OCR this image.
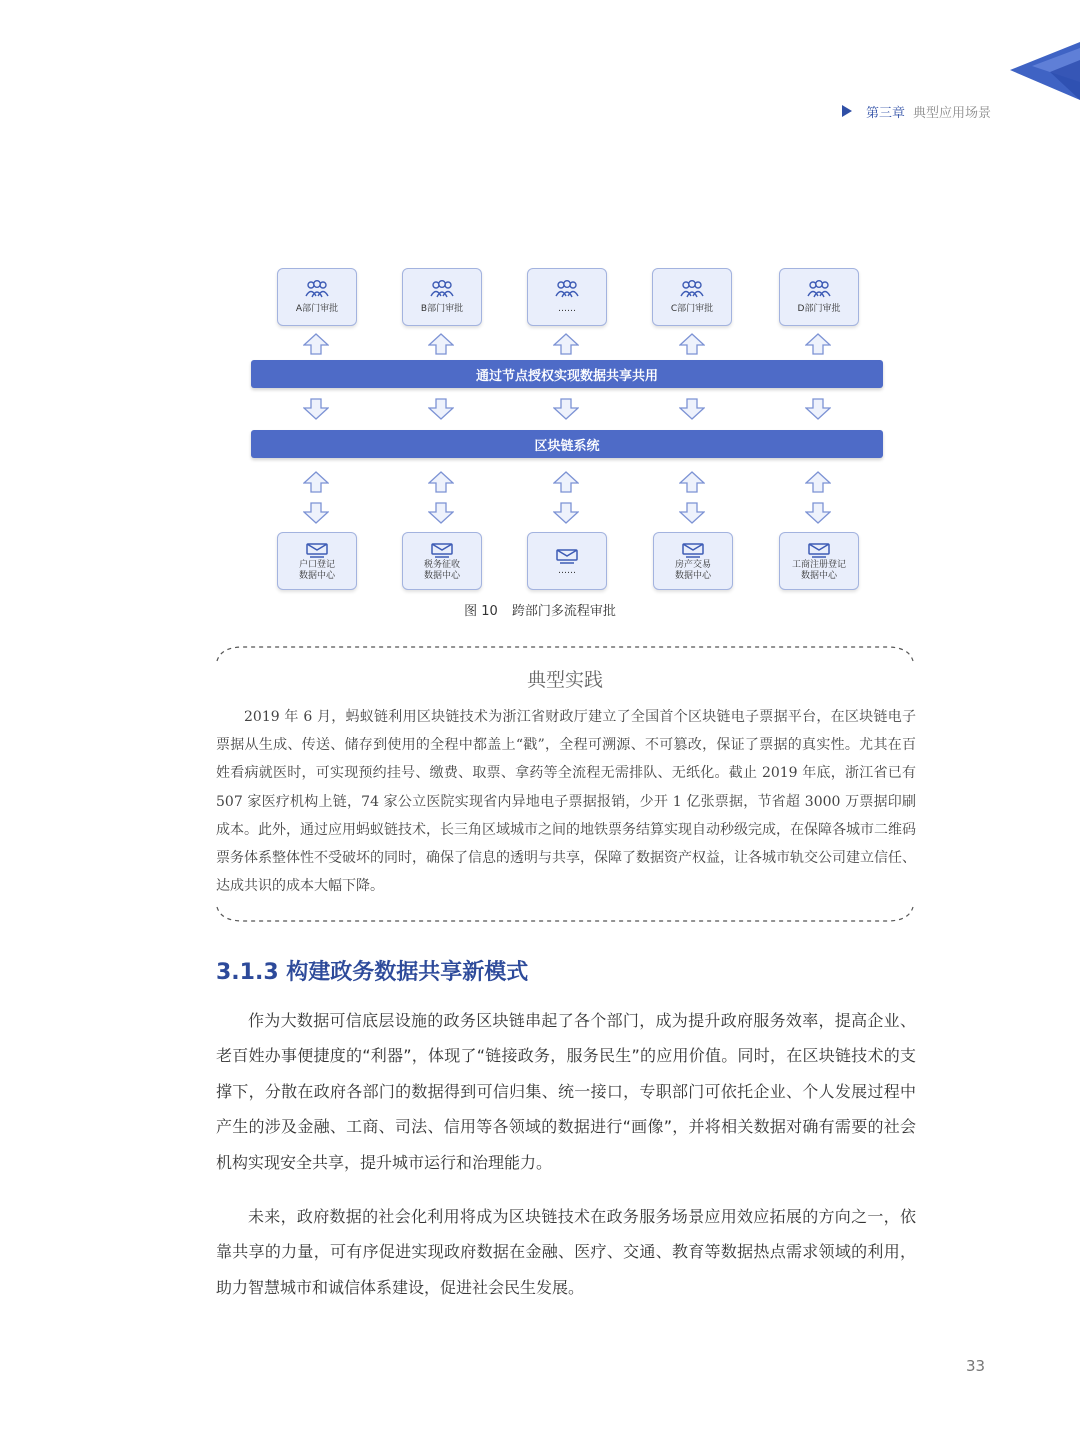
第三章 典型应用场景
A部门审批	B部门审批	……	C部门审批	D部门审批
通过节点授权实现数据共享共用
区块链系统
户口登记
数据中心
税务征收
数据中心
……
房产交易
数据中心
工商注册登记
数据中心
图 10 跨部门多流程审批
典型实践
2019 年 6 月，蚂蚁链利用区块链技术为浙江省财政厅建立了全国首个区块链电子票据平台，在区块链电子票据从生成、传送、储存到使用的全程中都盖上“戳”，全程可溯源、不可篡改，保证了票据的真实性。尤其在百姓看病就医时，可实现预约挂号、缴费、取票、拿药等全流程无需排队、无纸化。截止 2019 年底，浙江省已有 507 家医疗机构上链，74 家公立医院实现省内异地电子票据报销，少开 1 亿张票据，节省超 3000 万票据印刷成本。此外，通过应用蚂蚁链技术，长三角区域城市之间的地铁票务结算实现自动秒级完成，在保障各城市二维码票务体系整体性不受破坏的同时，确保了信息的透明与共享，保障了数据资产权益，让各城市轨交公司建立信任、达成共识的成本大幅下降。
3.1.3 构建政务数据共享新模式
作为大数据可信底层设施的政务区块链串起了各个部门，成为提升政府服务效率，提高企业、老百姓办事便捷度的“利器”，体现了“链接政务，服务民生”的应用价值。同时，在区块链技术的支撑下，分散在政府各部门的数据得到可信归集、统一接口，专职部门可依托企业、个人发展过程中产生的涉及金融、工商、司法、信用等各领域的数据进行“画像”，并将相关数据对确有需要的社会机构实现安全共享，提升城市运行和治理能力。
未来，政府数据的社会化利用将成为区块链技术在政务服务场景应用效应拓展的方向之一，依靠共享的力量，可有序促进实现政府数据在金融、医疗、交通、教育等数据热点需求领域的利用，助力智慧城市和诚信体系建设，促进社会民生发展。
33
